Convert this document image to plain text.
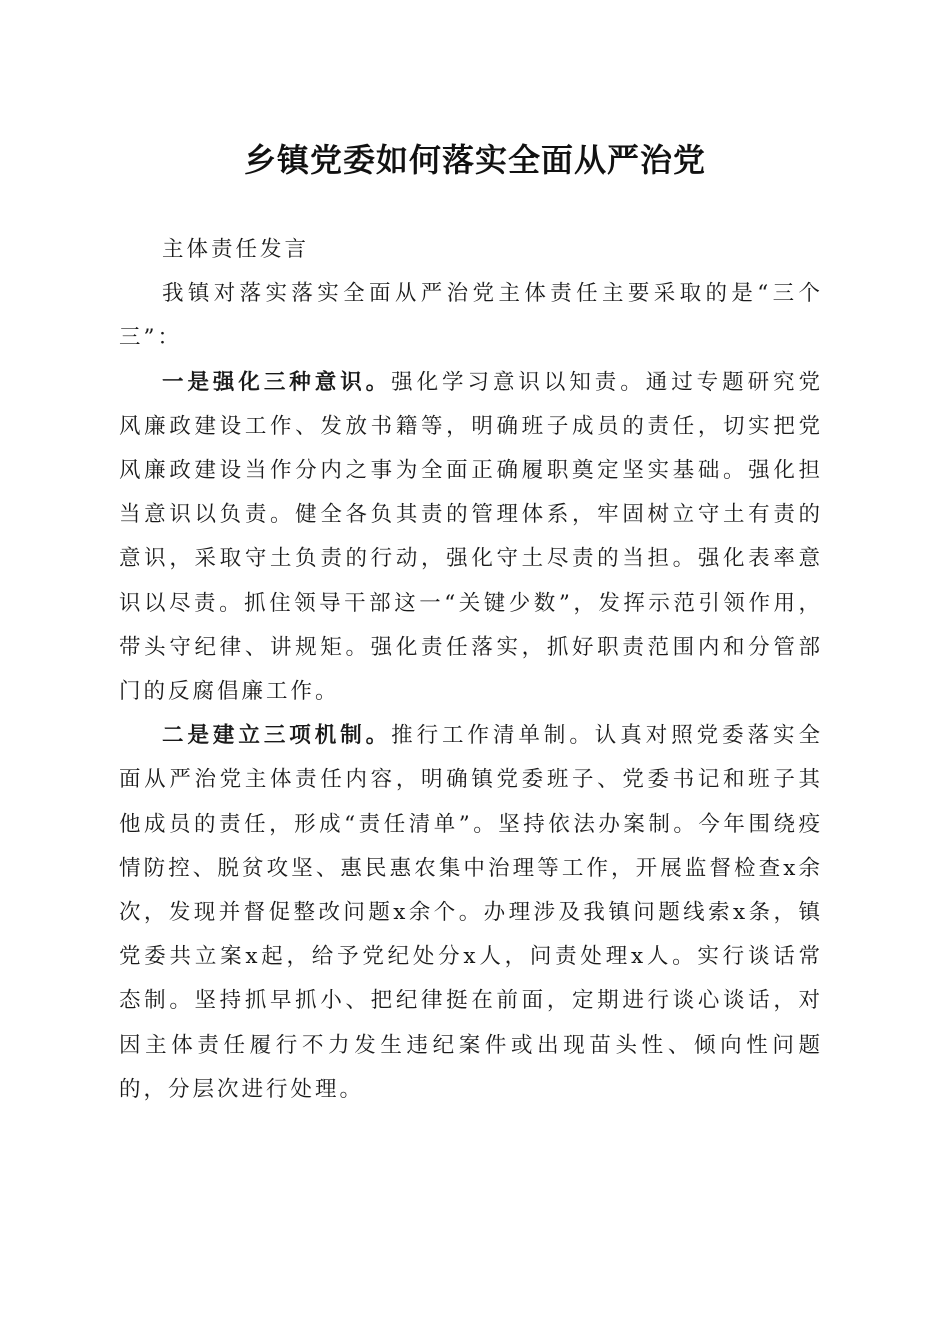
乡镇党委如何落实全面从严治党

主体责任发言

我镇对落实落实全面从严治党主体责任主要采取的是“三个三”：

一是强化三种意识。强化学习意识以知责。通过专题研究党风廉政建设工作、发放书籍等，明确班子成员的责任，切实把党风廉政建设当作分内之事为全面正确履职奠定坚实基础。强化担当意识以负责。健全各负其责的管理体系，牢固树立守土有责的意识，采取守土负责的行动，强化守土尽责的当担。强化表率意识以尽责。抓住领导干部这一“关键少数”，发挥示范引领作用，带头守纪律、讲规矩。强化责任落实，抓好职责范围内和分管部门的反腐倡廉工作。

二是建立三项机制。推行工作清单制。认真对照党委落实全面从严治党主体责任内容，明确镇党委班子、党委书记和班子其他成员的责任，形成“责任清单”。坚持依法办案制。今年围绕疫情防控、脱贫攻坚、惠民惠农集中治理等工作，开展监督检查x余次，发现并督促整改问题x余个。办理涉及我镇问题线索x条，镇党委共立案x起，给予党纪处分x人，问责处理x人。实行谈话常态制。坚持抓早抓小、把纪律挺在前面，定期进行谈心谈话，对因主体责任履行不力发生违纪案件或出现苗头性、倾向性问题的，分层次进行处理。
